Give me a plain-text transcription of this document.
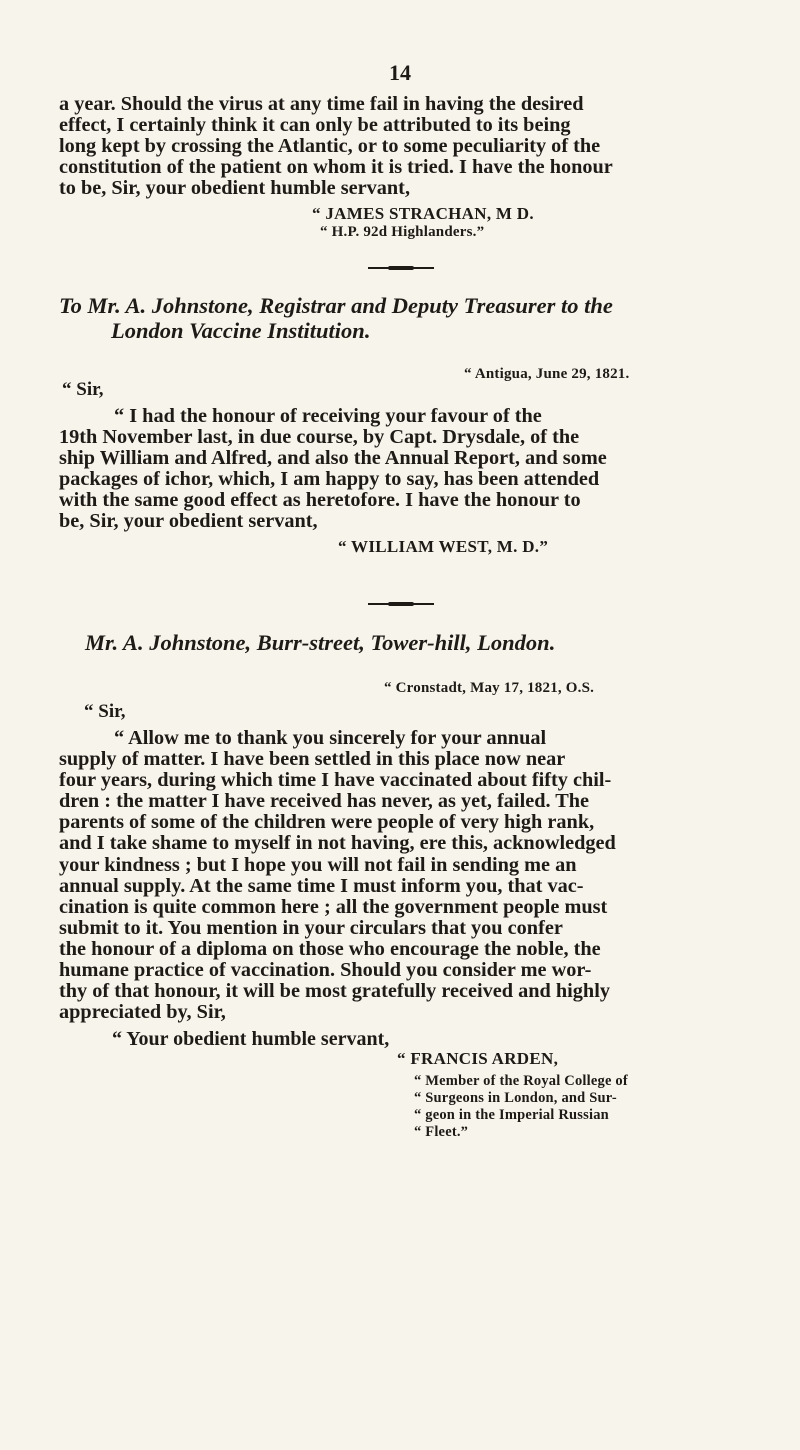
14

a year. Should the virus at any time fail in having the desired

effect, I certainly think it can only be attributed to its being

long kept by crossing the Atlantic, or to some peculiarity of the

constitution of the patient on whom it is tried. I have the honour

to be, Sir, your obedient humble servant,

“ JAMES STRACHAN, M D.
“ H.P. 92d Highlanders.”
To Mr. A. Johnstone, Registrar and Deputy Treasurer to the
London Vaccine Institution.
“ Antigua, June 29, 1821.
“ Sir,

“ I had the honour of receiving your favour of the

19th November last, in due course, by Capt. Drysdale, of the

ship William and Alfred, and also the Annual Report, and some

packages of ichor, which, I am happy to say, has been attended

with the same good effect as heretofore. I have the honour to

be, Sir, your obedient servant,

“ WILLIAM WEST, M. D.”
Mr. A. Johnstone, Burr-street, Tower-hill, London.
“ Cronstadt, May 17, 1821, O.S.
“ Sir,

“ Allow me to thank you sincerely for your annual

supply of matter. I have been settled in this place now near

four years, during which time I have vaccinated about fifty chil-

dren : the matter I have received has never, as yet, failed. The

parents of some of the children were people of very high rank,

and I take shame to myself in not having, ere this, acknowledged

your kindness ; but I hope you will not fail in sending me an

annual supply. At the same time I must inform you, that vac-

cination is quite common here ; all the government people must

submit to it. You mention in your circulars that you confer

the honour of a diploma on those who encourage the noble, the

humane practice of vaccination. Should you consider me wor-

thy of that honour, it will be most gratefully received and highly

appreciated by, Sir,

“ Your obedient humble servant,
“ FRANCIS ARDEN,
“ Member of the Royal College of
“ Surgeons in London, and Sur-
“ geon in the Imperial Russian
“ Fleet.”
